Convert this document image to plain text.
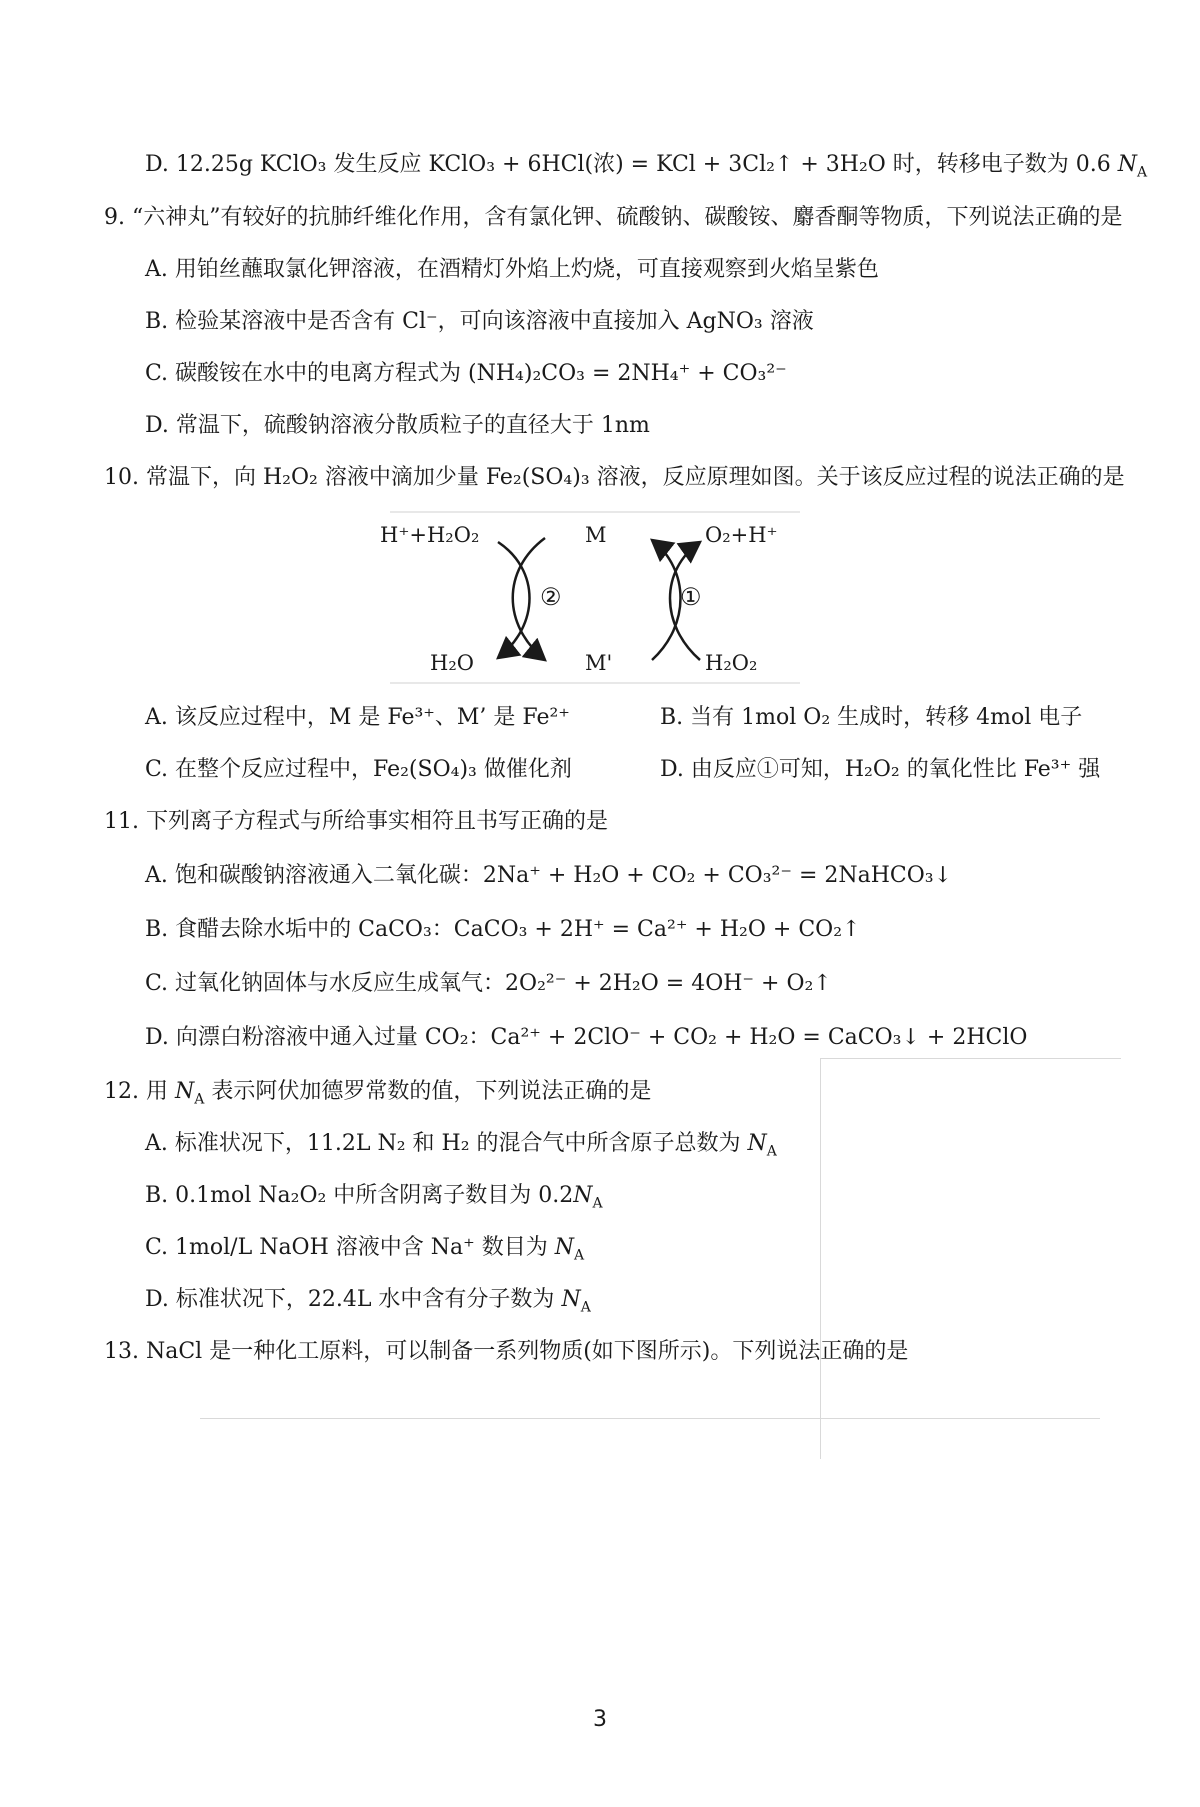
D. 12.25g KClO₃ 发生反应 KClO₃ + 6HCl(浓) = KCl + 3Cl₂↑ + 3H₂O 时，转移电子数为 0.6 $N_A$
9. “六神丸”有较好的抗肺纤维化作用，含有氯化钾、硫酸钠、碳酸铵、麝香酮等物质，下列说法正确的是
A. 用铂丝蘸取氯化钾溶液，在酒精灯外焰上灼烧，可直接观察到火焰呈紫色
B. 检验某溶液中是否含有 Cl⁻，可向该溶液中直接加入 AgNO₃ 溶液
C. 碳酸铵在水中的电离方程式为 (NH₄)₂CO₃ = 2NH₄⁺ + CO₃²⁻
D. 常温下，硫酸钠溶液分散质粒子的直径大于 1nm
10. 常温下，向 H₂O₂ 溶液中滴加少量 Fe₂(SO₄)₃ 溶液，反应原理如图。关于该反应过程的说法正确的是
H⁺+H₂O₂	M	O₂+H⁺
②	①
H₂O	M'	H₂O₂
A. 该反应过程中，M 是 Fe³⁺、M’ 是 Fe²⁺	B. 当有 1mol O₂ 生成时，转移 4mol 电子
C. 在整个反应过程中，Fe₂(SO₄)₃ 做催化剂	D. 由反应①可知，H₂O₂ 的氧化性比 Fe³⁺ 强
11. 下列离子方程式与所给事实相符且书写正确的是
A. 饱和碳酸钠溶液通入二氧化碳：2Na⁺ + H₂O + CO₂ + CO₃²⁻ = 2NaHCO₃↓
B. 食醋去除水垢中的 CaCO₃：CaCO₃ + 2H⁺ = Ca²⁺ + H₂O + CO₂↑
C. 过氧化钠固体与水反应生成氧气：2O₂²⁻ + 2H₂O = 4OH⁻ + O₂↑
D. 向漂白粉溶液中通入过量 CO₂：Ca²⁺ + 2ClO⁻ + CO₂ + H₂O = CaCO₃↓ + 2HClO
12. 用 $N_A$ 表示阿伏加德罗常数的值，下列说法正确的是
A. 标准状况下，11.2L N₂ 和 H₂ 的混合气中所含原子总数为 $N_A$
B. 0.1mol Na₂O₂ 中所含阴离子数目为 $0.2N_A$
C. 1mol/L NaOH 溶液中含 Na⁺ 数目为 $N_A$
D. 标准状况下，22.4L 水中含有分子数为 $N_A$
13. NaCl 是一种化工原料，可以制备一系列物质(如下图所示)。下列说法正确的是
3
